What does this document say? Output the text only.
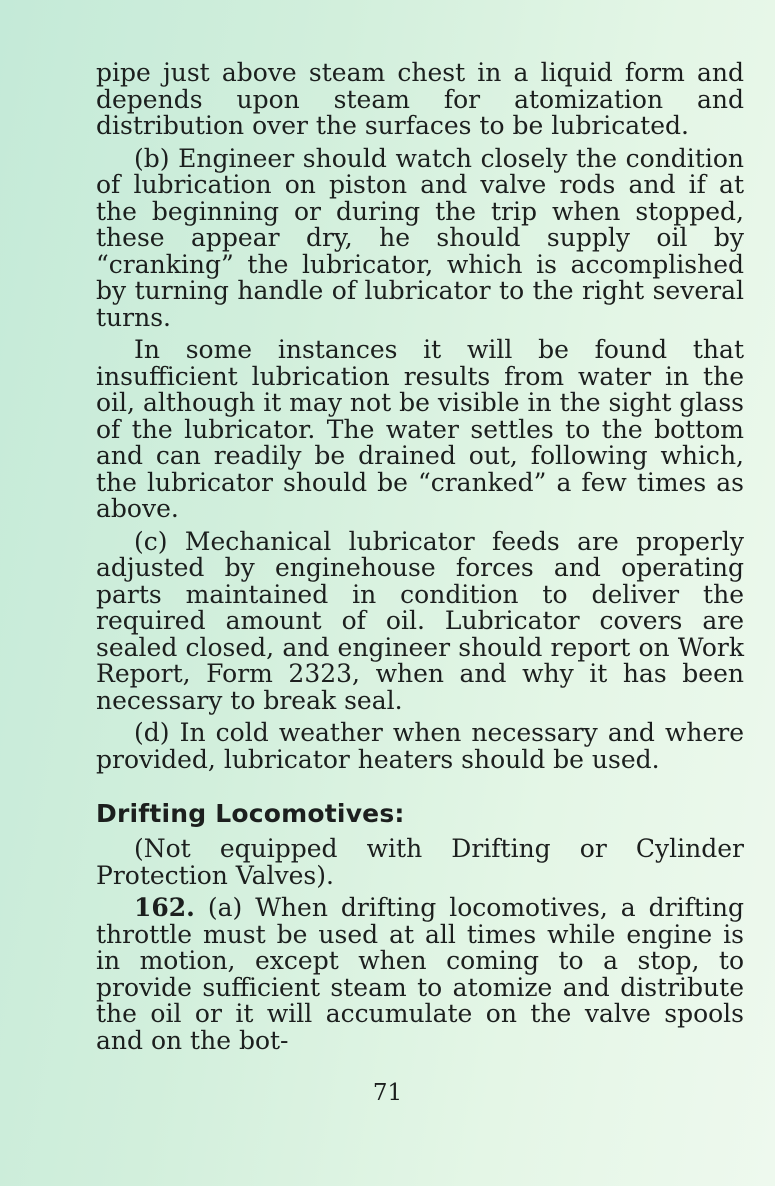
pipe just above steam chest in a liquid form and depends upon steam for atomization and distribution over the surfaces to be lubricated.

(b) Engineer should watch closely the condition of lubrication on piston and valve rods and if at the beginning or during the trip when stopped, these appear dry, he should supply oil by “cranking” the lubricator, which is accomplished by turning handle of lubricator to the right several turns.

In some instances it will be found that insufficient lubrication results from water in the oil, although it may not be visible in the sight glass of the lubricator. The water settles to the bottom and can readily be drained out, following which, the lubricator should be “cranked” a few times as above.

(c) Mechanical lubricator feeds are properly adjusted by enginehouse forces and operating parts maintained in condition to deliver the required amount of oil. Lubricator covers are sealed closed, and engineer should report on Work Report, Form 2323, when and why it has been necessary to break seal.

(d) In cold weather when necessary and where provided, lubricator heaters should be used.

Drifting Locomotives:

(Not equipped with Drifting or Cylinder Protection Valves).

162. (a) When drifting locomotives, a drifting throttle must be used at all times while engine is in motion, except when coming to a stop, to provide sufficient steam to atomize and distribute the oil or it will accumulate on the valve spools and on the bot-

71
